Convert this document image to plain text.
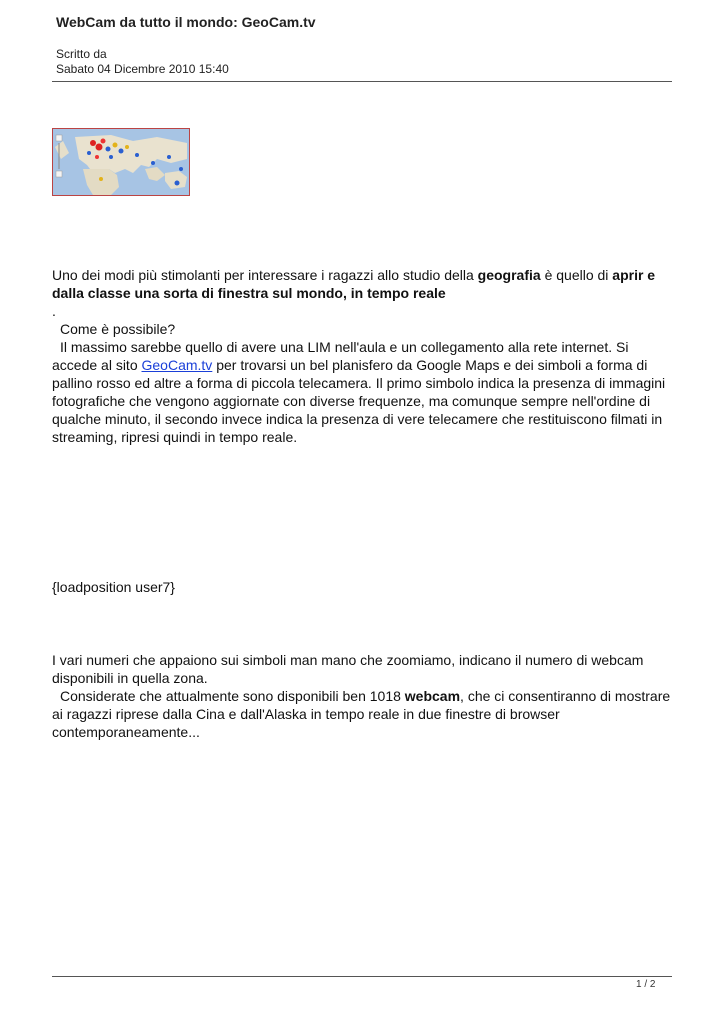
WebCam da tutto il mondo: GeoCam.tv
Scritto da
Sabato 04 Dicembre 2010 15:40

Uno dei modi più stimolanti per interessare i ragazzi allo studio della geografia è quello di aprir e dalla classe una sorta di finestra sul mondo, in tempo reale

.

Come è possibile?

Il massimo sarebbe quello di avere una LIM nell'aula e un collegamento alla rete internet. Si accede al sito GeoCam.tv per trovarsi un bel planisfero da Google Maps e dei simboli a forma di pallino rosso ed altre a forma di piccola telecamera. Il primo simbolo indica la presenza di immagini fotografiche che vengono aggiornate con diverse frequenze, ma comunque sempre nell'ordine di qualche minuto, il secondo invece indica la presenza di vere telecamere che restituiscono filmati in streaming, ripresi quindi in tempo reale.

{loadposition user7}

I vari numeri che appaiono sui simboli man mano che zoomiamo, indicano il numero di webcam disponibili in quella zona.

Considerate che attualmente sono disponibili ben 1018 webcam, che ci consentiranno di mostrare ai ragazzi riprese dalla Cina e dall'Alaska in tempo reale in due finestre di browser contemporaneamente...

1 / 2
